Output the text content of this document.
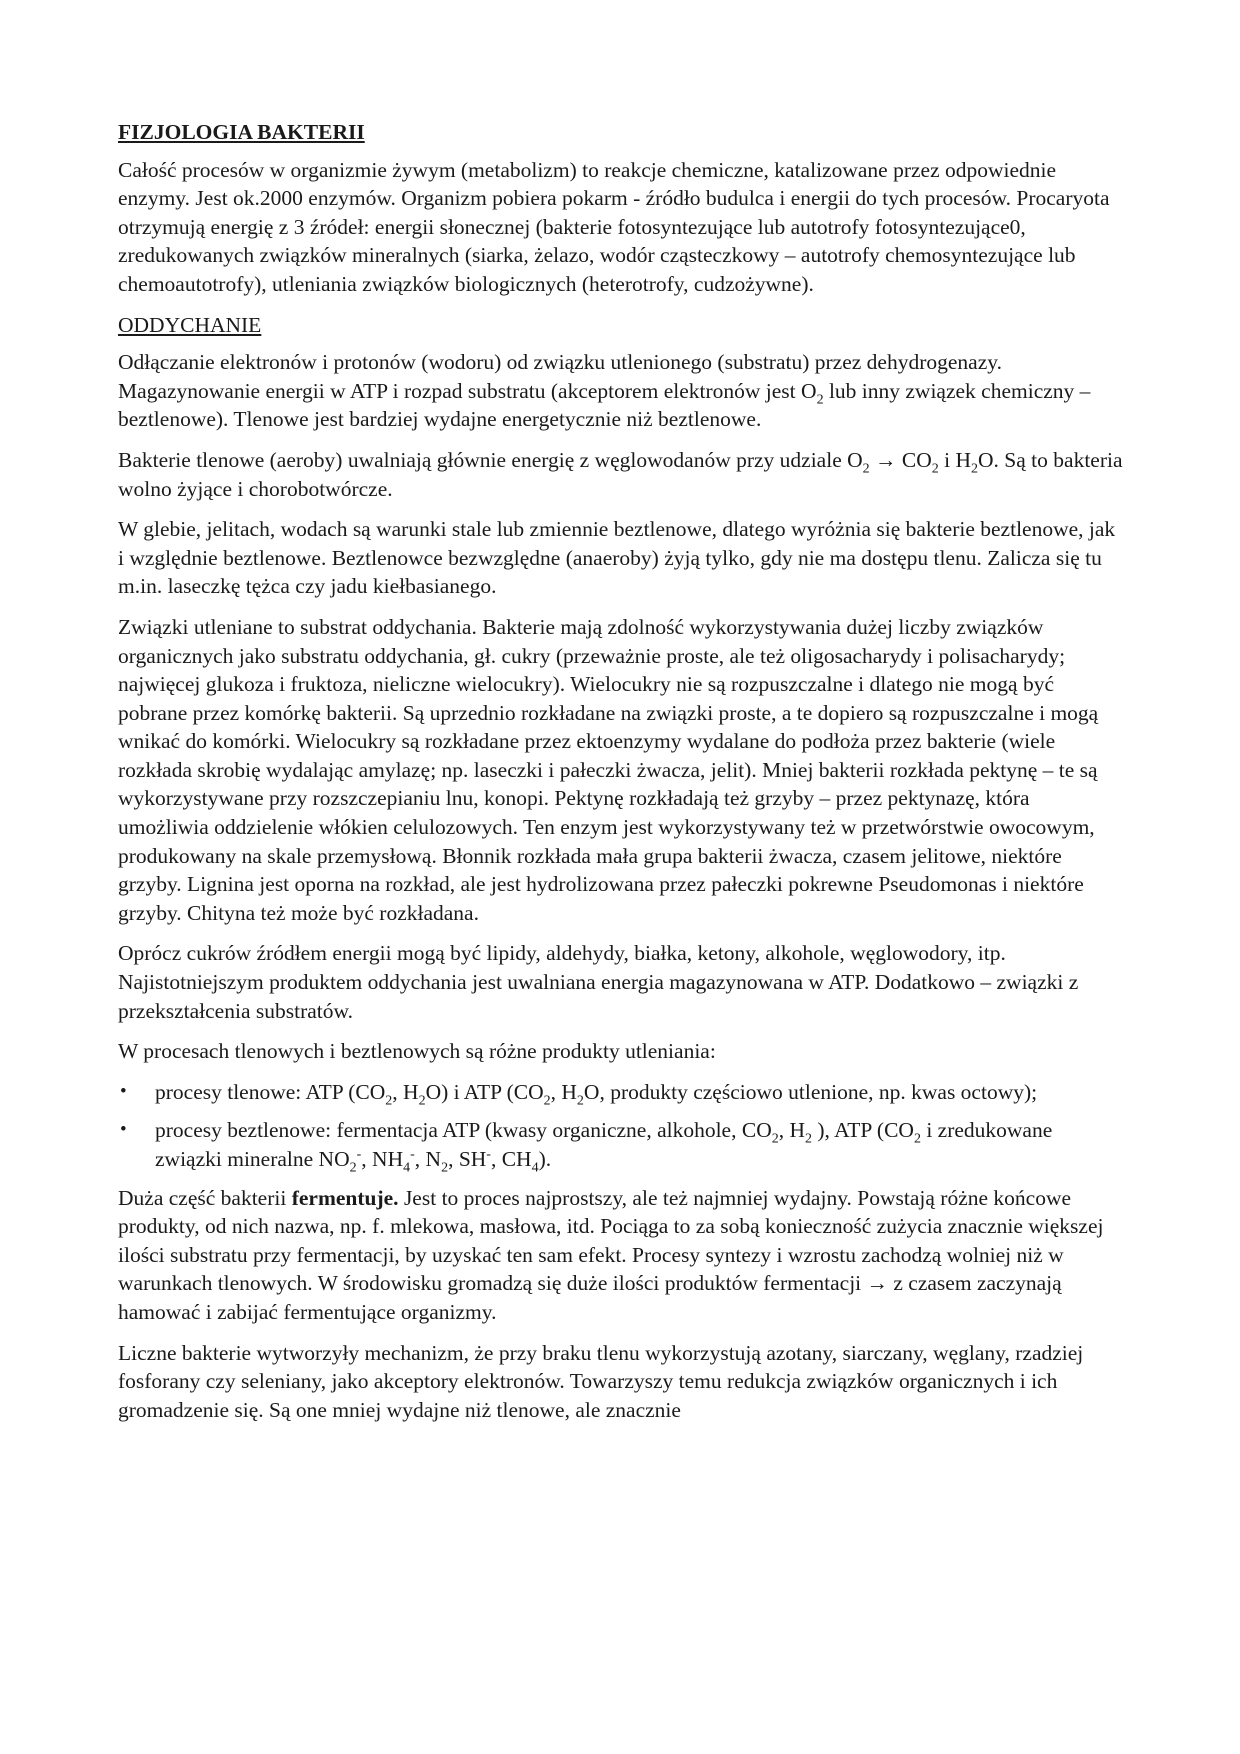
FIZJOLOGIA BAKTERII

Całość procesów w organizmie żywym (metabolizm) to reakcje chemiczne, katalizowane przez odpowiednie enzymy. Jest ok.2000 enzymów. Organizm pobiera pokarm - źródło budulca i energii do tych procesów. Procaryota otrzymują energię z 3 źródeł: energii słonecznej (bakterie fotosyntezujące lub autotrofy fotosyntezujące0, zredukowanych związków mineralnych (siarka, żelazo, wodór cząsteczkowy – autotrofy chemosyntezujące lub chemoautotrofy), utleniania związków biologicznych (heterotrofy, cudzożywne).

ODDYCHANIE

Odłączanie elektronów i protonów (wodoru) od związku utlenionego (substratu) przez dehydrogenazy. Magazynowanie energii w ATP i rozpad substratu (akceptorem elektronów jest $O_2$ lub inny związek chemiczny – beztlenowe). Tlenowe jest bardziej wydajne energetycznie niż beztlenowe.

Bakterie tlenowe (aeroby) uwalniają głównie energię z węglowodanów przy udziale $O_2 \to CO_2$ i $H_2O$. Są to bakteria wolno żyjące i chorobotwórcze.

W glebie, jelitach, wodach są warunki stale lub zmiennie beztlenowe, dlatego wyróżnia się bakterie beztlenowe, jak i względnie beztlenowe. Beztlenowce bezwzględne (anaeroby) żyją tylko, gdy nie ma dostępu tlenu. Zalicza się tu m.in. laseczkę tężca czy jadu kiełbasianego.

Związki utleniane to substrat oddychania. Bakterie mają zdolność wykorzystywania dużej liczby związków organicznych jako substratu oddychania, gł. cukry (przeważnie proste, ale też oligosacharydy i polisacharydy; najwięcej glukoza i fruktoza, nieliczne wielocukry). Wielocukry nie są rozpuszczalne i dlatego nie mogą być pobrane przez komórkę bakterii. Są uprzednio rozkładane na związki proste, a te dopiero są rozpuszczalne i mogą wnikać do komórki. Wielocukry są rozkładane przez ektoenzymy wydalane do podłoża przez bakterie (wiele rozkłada skrobię wydalając amylazę; np. laseczki i pałeczki żwacza, jelit). Mniej bakterii rozkłada pektynę – te są wykorzystywane przy rozszczepianiu lnu, konopi. Pektynę rozkładają też grzyby – przez pektynazę, która umożliwia oddzielenie włókien celulozowych. Ten enzym jest wykorzystywany też w przetwórstwie owocowym, produkowany na skale przemysłową. Błonnik rozkłada mała grupa bakterii żwacza, czasem jelitowe, niektóre grzyby. Lignina jest oporna na rozkład, ale jest hydrolizowana przez pałeczki pokrewne Pseudomonas i niektóre grzyby. Chityna też może być rozkładana.

Oprócz cukrów źródłem energii mogą być lipidy, aldehydy, białka, ketony, alkohole, węglowodory, itp. Najistotniejszym produktem oddychania jest uwalniana energia magazynowana w ATP. Dodatkowo – związki z przekształcenia substratów.

W procesach tlenowych i beztlenowych są różne produkty utleniania:

• procesy tlenowe: ATP ($CO_2$, $H_2O$) i ATP ($CO_2$, $H_2O$, produkty częściowo utlenione, np. kwas octowy);
• procesy beztlenowe: fermentacja ATP (kwasy organiczne, alkohole, $CO_2$, $H_2$ ), ATP ($CO_2$ i zredukowane związki mineralne $NO_2^-$, $NH_4^-$, $N_2$, SH-, $CH_4$).

Duża część bakterii fermentuje. Jest to proces najprostszy, ale też najmniej wydajny. Powstają różne końcowe produkty, od nich nazwa, np. f. mlekowa, masłowa, itd. Pociąga to za sobą konieczność zużycia znacznie większej ilości substratu przy fermentacji, by uzyskać ten sam efekt. Procesy syntezy i wzrostu zachodzą wolniej niż w warunkach tlenowych. W środowisku gromadzą się duże ilości produktów fermentacji → z czasem zaczynają hamować i zabijać fermentujące organizmy.

Liczne bakterie wytworzyły mechanizm, że przy braku tlenu wykorzystują azotany, siarczany, węglany, rzadziej fosforany czy seleniany, jako akceptory elektronów. Towarzyszy temu redukcja związków organicznych i ich gromadzenie się. Są one mniej wydajne niż tlenowe, ale znacznie
